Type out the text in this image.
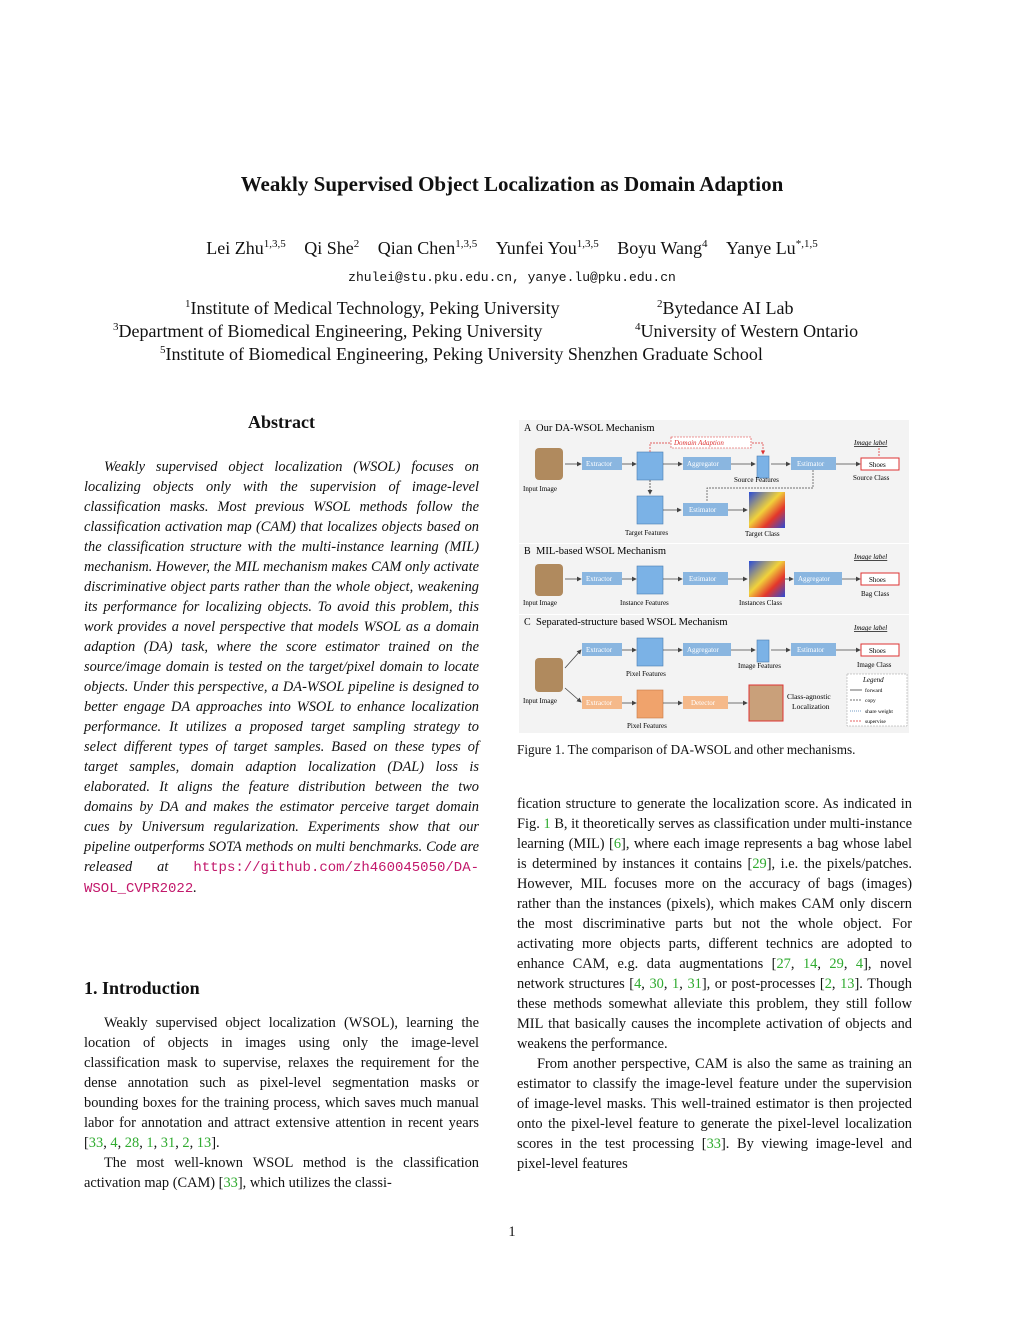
Weakly Supervised Object Localization as Domain Adaption
Lei Zhu$^{1,3,5}$ Qi She$^2$ Qian Chen$^{1,3,5}$ Yunfei You$^{1,3,5}$ Boyu Wang$^4$ Yanye $Lu^{*,1,5}$
zhulei@stu.pku.edu.cn, yanye.lu@pku.edu.cn
$^1$Institute of Medical Technology, Peking University	$^2$Bytedance AI Lab
$^3$Department of Biomedical Engineering, Peking University	$^4$University of Western Ontario
$^5$Institute of Biomedical Engineering, Peking University Shenzhen Graduate School
Abstract

Weakly supervised object localization (WSOL) focuses on localizing objects only with the supervision of image-level classification masks. Most previous WSOL methods follow the classification activation map (CAM) that localizes objects based on the classification structure with the multi-instance learning (MIL) mechanism. However, the MIL mechanism makes CAM only activate discriminative object parts rather than the whole object, weakening its performance for localizing objects. To avoid this problem, this work provides a novel perspective that models WSOL as a domain adaption (DA) task, where the score estimator trained on the source/image domain is tested on the target/pixel domain to locate objects. Under this perspective, a DA-WSOL pipeline is designed to better engage DA approaches into WSOL to enhance localization performance. It utilizes a proposed target sampling strategy to select different types of target samples. Based on these types of target samples, domain adaption localization (DAL) loss is elaborated. It aligns the feature distribution between the two domains by DA and makes the estimator perceive target domain cues by Universum regularization. Experiments show that our pipeline outperforms SOTA methods on multi benchmarks. Code are released at https://github.com/zh460045050/DA-WSOL_CVPR2022.

1. Introduction

Weakly supervised object localization (WSOL), learning the location of objects in images using only the image-level classification mask to supervise, relaxes the requirement for the dense annotation such as pixel-level segmentation masks or bounding boxes for the training process, which saves much manual labor for annotation and attract extensive attention in recent years [33, 4, 28, 1, 31, 2, 13].

The most well-known WSOL method is the classification activation map (CAM) [33], which utilizes the classi-

A Our DA-WSOL Mechanism
Input Image
Extractor	Aggregator
Source Features
Estimator	Shoes
Image label
Source Class
Domain Adaption
Target Features
Estimator
Target Class
B MIL-based WSOL Mechanism
Input Image
Extractor
Instance Features
Estimator
Instances Class
Aggregator	Shoes
Image label
Bag Class
C Separated-structure based WSOL Mechanism
Input Image
Extractor
Extractor
Pixel Features
Pixel Features
Aggregator
Image Features
Estimator	Shoes
Image label
Image Class
Detector
Class-agnostic
Localization
Legend
forward
copy
share weight
supervise
Figure 1. The comparison of DA-WSOL and other mechanisms.

fication structure to generate the localization score. As indicated in Fig. 1 B, it theoretically serves as classification under multi-instance learning (MIL) [6], where each image represents a bag whose label is determined by instances it contains [29], i.e. the pixels/patches. However, MIL focuses more on the accuracy of bags (images) rather than the instances (pixels), which makes CAM only discern the most discriminative parts but not the whole object. For activating more objects parts, different technics are adopted to enhance CAM, e.g. data augmentations [27, 14, 29, 4], novel network structures [4, 30, 1, 31], or post-processes [2, 13]. Though these methods somewhat alleviate this problem, they still follow MIL that basically causes the incomplete activation of objects and weakens the performance.

From another perspective, CAM is also the same as training an estimator to classify the image-level feature under the supervision of image-level masks. This well-trained estimator is then projected onto the pixel-level feature to generate the pixel-level localization scores in the test processing [33]. By viewing image-level and pixel-level features

1
